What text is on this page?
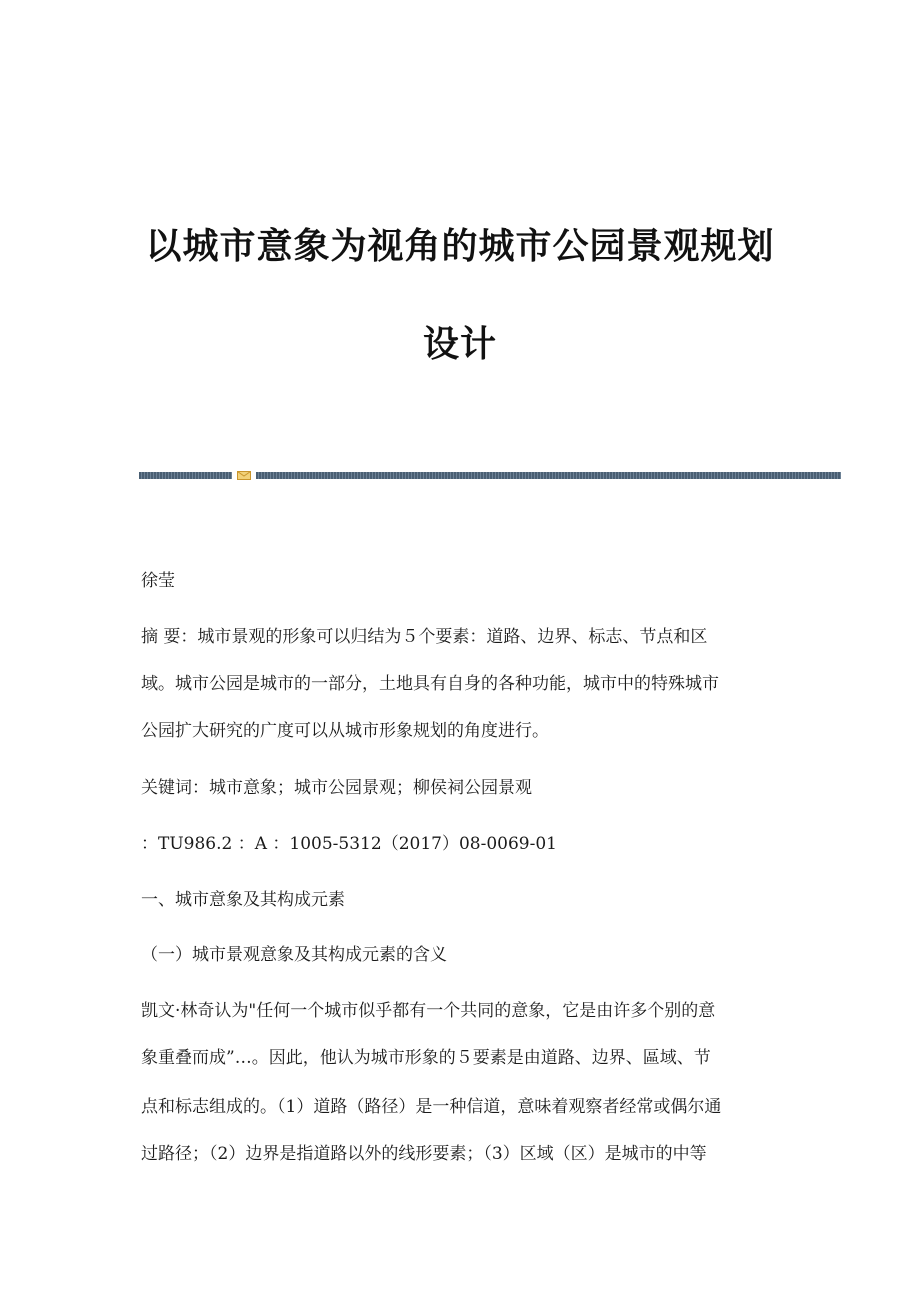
以城市意象为视角的城市公园景观规划
设计

徐莹

摘 要：城市景观的形象可以归结为５个要素：道路、边界、标志、节点和区

域。城市公园是城市的一部分，土地具有自身的各种功能，城市中的特殊城市

公园扩大研究的广度可以从城市形象规划的角度进行。

关键词：城市意象；城市公园景观；柳侯祠公园景观

：TU986.2 ：A ：1005-5312（2017）08-0069-01

一、城市意象及其构成元素

（一）城市景观意象及其构成元素的含义

凯文·林奇认为"任何一个城市似乎都有一个共同的意象，它是由许多个别的意

象重叠而成”…。因此，他认为城市形象的５要素是由道路、边界、區域、节

点和标志组成的。（1）道路（路径）是一种信道，意味着观察者经常或偶尔通

过路径；（2）边界是指道路以外的线形要素；（3）区域（区）是城市的中等
